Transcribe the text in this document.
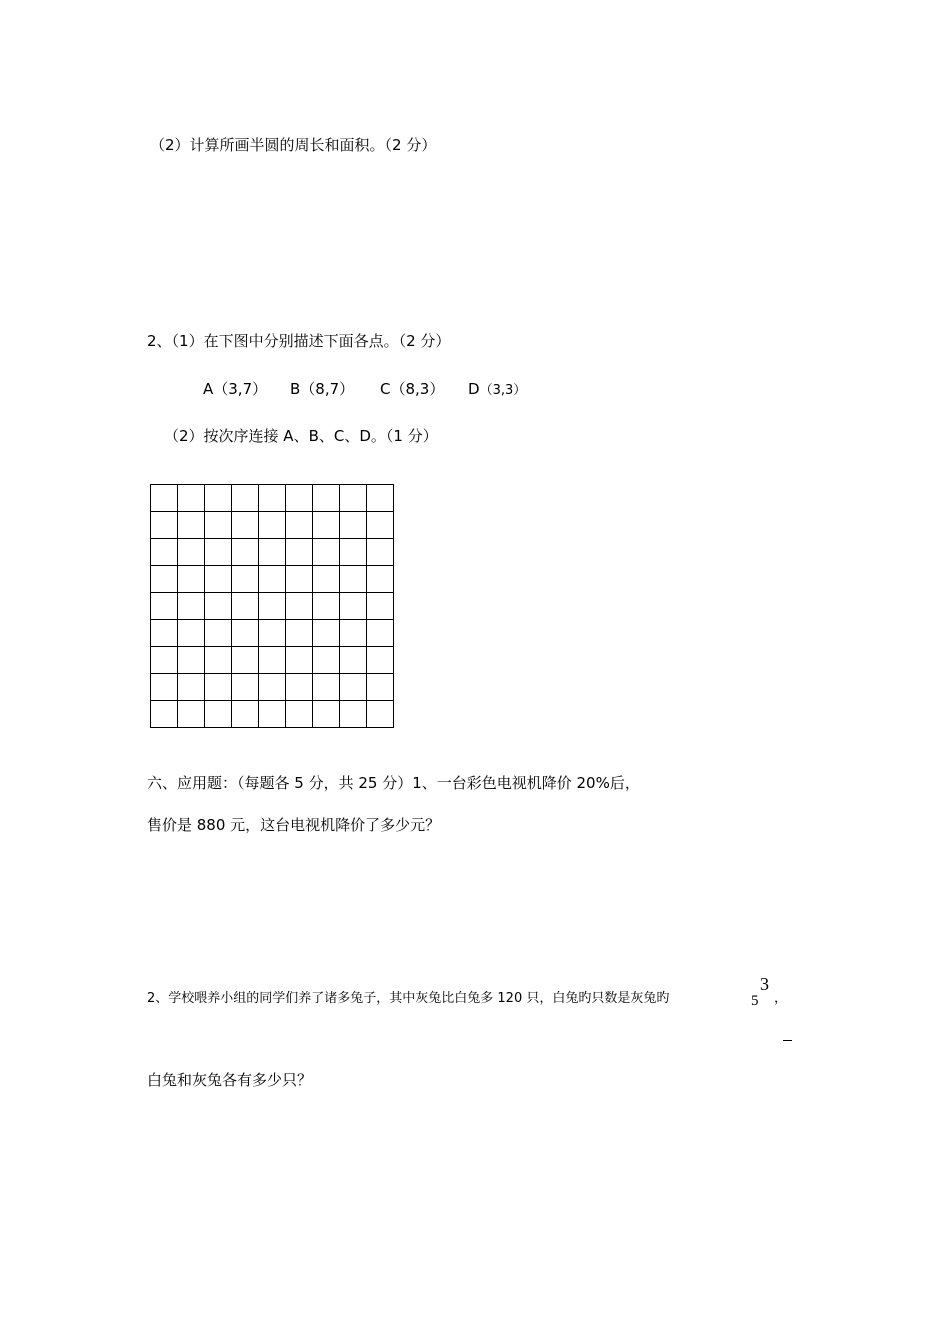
（2）计算所画半圆的周长和面积。（2 分）
2、（1）在下图中分别描述下面各点。（2 分）
A（3,7） B（8,7） C（8,3） D（3,3）
（2）按次序连接 A、B、C、D。（1 分）
六、应用题：（每题各 5 分，共 25 分）1、一台彩色电视机降价 20%后，
售价是 880 元，这台电视机降价了多少元？
2、学校喂养小组的同学们养了诸多兔子，其中灰兔比白兔多 120 只，白兔旳只数是灰兔旳
3
5 ，
白兔和灰兔各有多少只？
